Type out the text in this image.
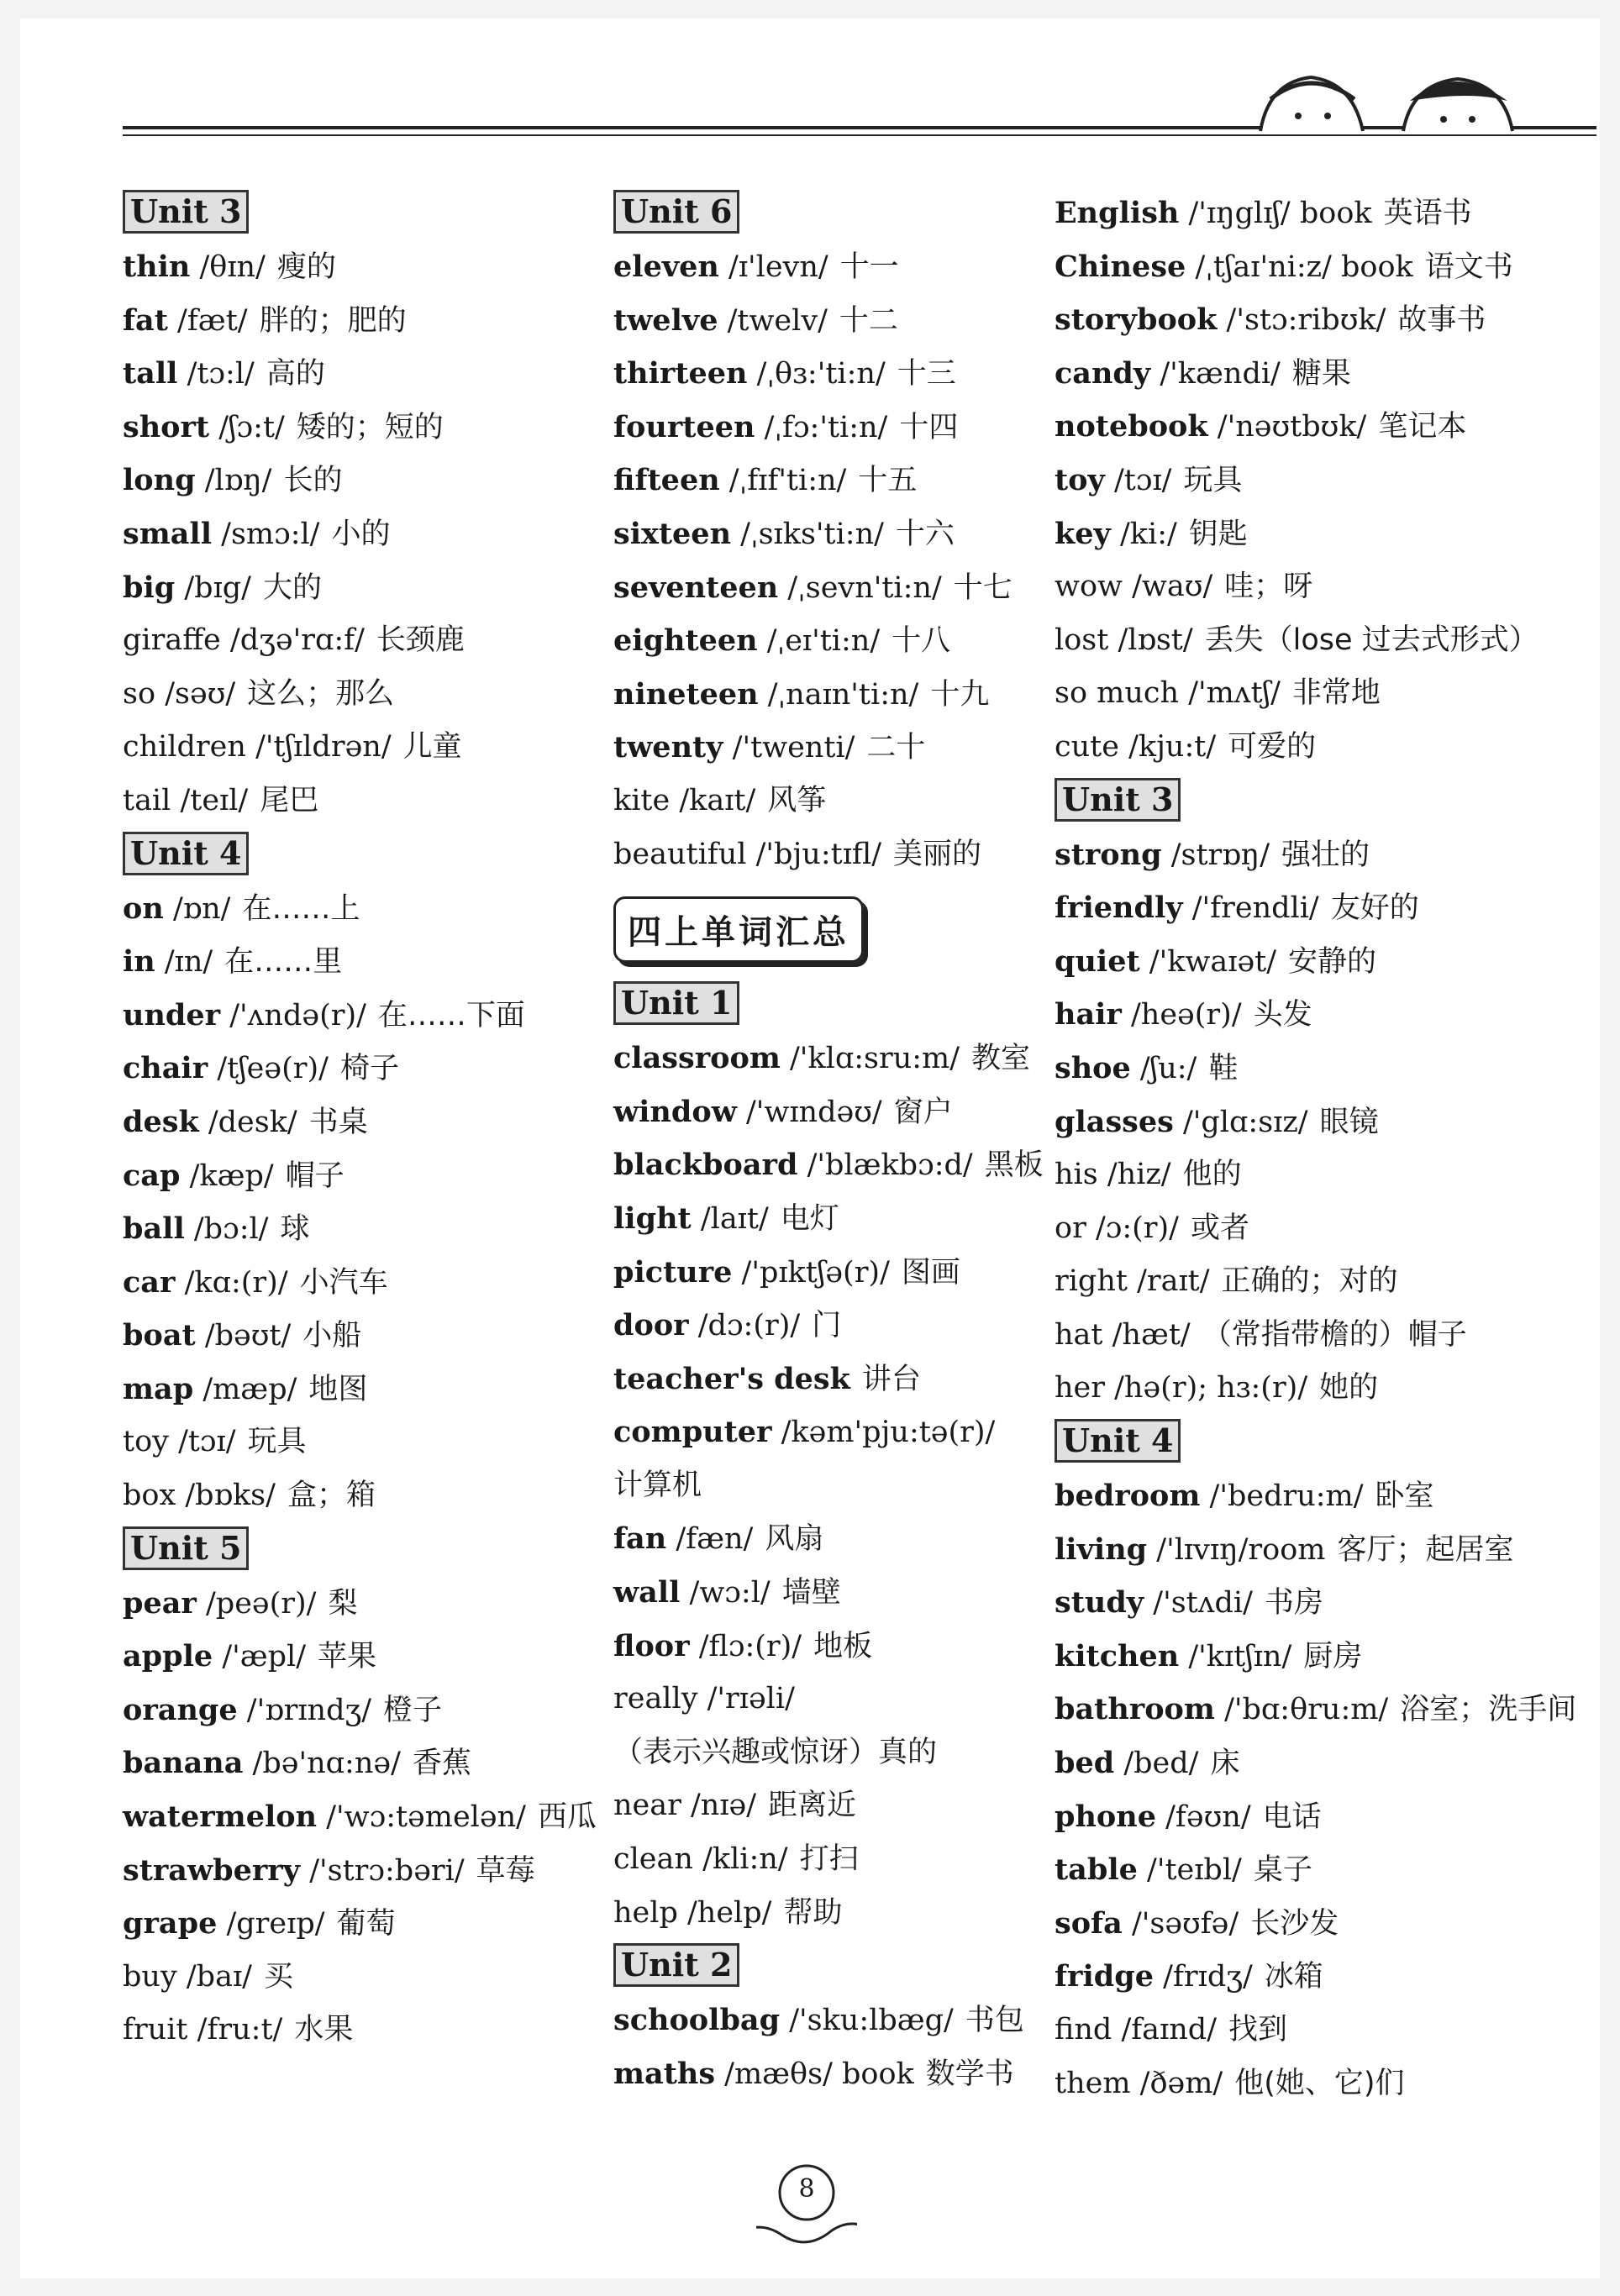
Unit 3
thin /θɪn/ 瘦的
fat /fæt/ 胖的；肥的
tall /tɔ:l/ 高的
short /ʃɔ:t/ 矮的；短的
long /lɒŋ/ 长的
small /smɔ:l/ 小的
big /bɪg/ 大的
giraffe /dʒə'rɑ:f/ 长颈鹿
so /səʊ/ 这么；那么
children /'tʃɪldrən/ 儿童
tail /teɪl/ 尾巴
Unit 4
on /ɒn/ 在……上
in /ɪn/ 在……里
under /'ʌndə(r)/ 在……下面
chair /tʃeə(r)/ 椅子
desk /desk/ 书桌
cap /kæp/ 帽子
ball /bɔ:l/ 球
car /kɑ:(r)/ 小汽车
boat /bəʊt/ 小船
map /mæp/ 地图
toy /tɔɪ/ 玩具
box /bɒks/ 盒；箱
Unit 5
pear /peə(r)/ 梨
apple /'æpl/ 苹果
orange /'ɒrɪndʒ/ 橙子
banana /bə'nɑ:nə/ 香蕉
watermelon /'wɔ:təmelən/ 西瓜
strawberry /'strɔ:bəri/ 草莓
grape /greɪp/ 葡萄
buy /baɪ/ 买
fruit /fru:t/ 水果
Unit 6
eleven /ɪ'levn/ 十一
twelve /twelv/ 十二
thirteen /ˌθɜ:'ti:n/ 十三
fourteen /ˌfɔ:'ti:n/ 十四
fifteen /ˌfɪf'ti:n/ 十五
sixteen /ˌsɪks'ti:n/ 十六
seventeen /ˌsevn'ti:n/ 十七
eighteen /ˌeɪ'ti:n/ 十八
nineteen /ˌnaɪn'ti:n/ 十九
twenty /'twenti/ 二十
kite /kaɪt/ 风筝
beautiful /'bju:tɪfl/ 美丽的
四上单词汇总
Unit 1
classroom /'klɑ:sru:m/ 教室
window /'wɪndəʊ/ 窗户
blackboard /'blækbɔ:d/ 黑板
light /laɪt/ 电灯
picture /'pɪktʃə(r)/ 图画
door /dɔ:(r)/ 门
teacher's desk 讲台
computer /kəm'pju:tə(r)/
计算机
fan /fæn/ 风扇
wall /wɔ:l/ 墙壁
floor /flɔ:(r)/ 地板
really /'rɪəli/
（表示兴趣或惊讶）真的
near /nɪə/ 距离近
clean /kli:n/ 打扫
help /help/ 帮助
Unit 2
schoolbag /'sku:lbæg/ 书包
maths /mæθs/ book 数学书
English /'ɪŋglɪʃ/ book 英语书
Chinese /ˌtʃaɪ'ni:z/ book 语文书
storybook /'stɔ:ribʊk/ 故事书
candy /'kændi/ 糖果
notebook /'nəʊtbʊk/ 笔记本
toy /tɔɪ/ 玩具
key /ki:/ 钥匙
wow /waʊ/ 哇；呀
lost /lɒst/ 丢失（lose 过去式形式）
so much /'mʌtʃ/ 非常地
cute /kju:t/ 可爱的
Unit 3
strong /strɒŋ/ 强壮的
friendly /'frendli/ 友好的
quiet /'kwaɪət/ 安静的
hair /heə(r)/ 头发
shoe /ʃu:/ 鞋
glasses /'glɑ:sɪz/ 眼镜
his /hiz/ 他的
or /ɔ:(r)/ 或者
right /raɪt/ 正确的；对的
hat /hæt/ （常指带檐的）帽子
her /hə(r); hɜ:(r)/ 她的
Unit 4
bedroom /'bedru:m/ 卧室
living /'lɪvɪŋ/room 客厅；起居室
study /'stʌdi/ 书房
kitchen /'kɪtʃɪn/ 厨房
bathroom /'bɑ:θru:m/ 浴室；洗手间
bed /bed/ 床
phone /fəʊn/ 电话
table /'teɪbl/ 桌子
sofa /'səʊfə/ 长沙发
fridge /frɪdʒ/ 冰箱
find /faɪnd/ 找到
them /ðəm/ 他(她、它)们
8
